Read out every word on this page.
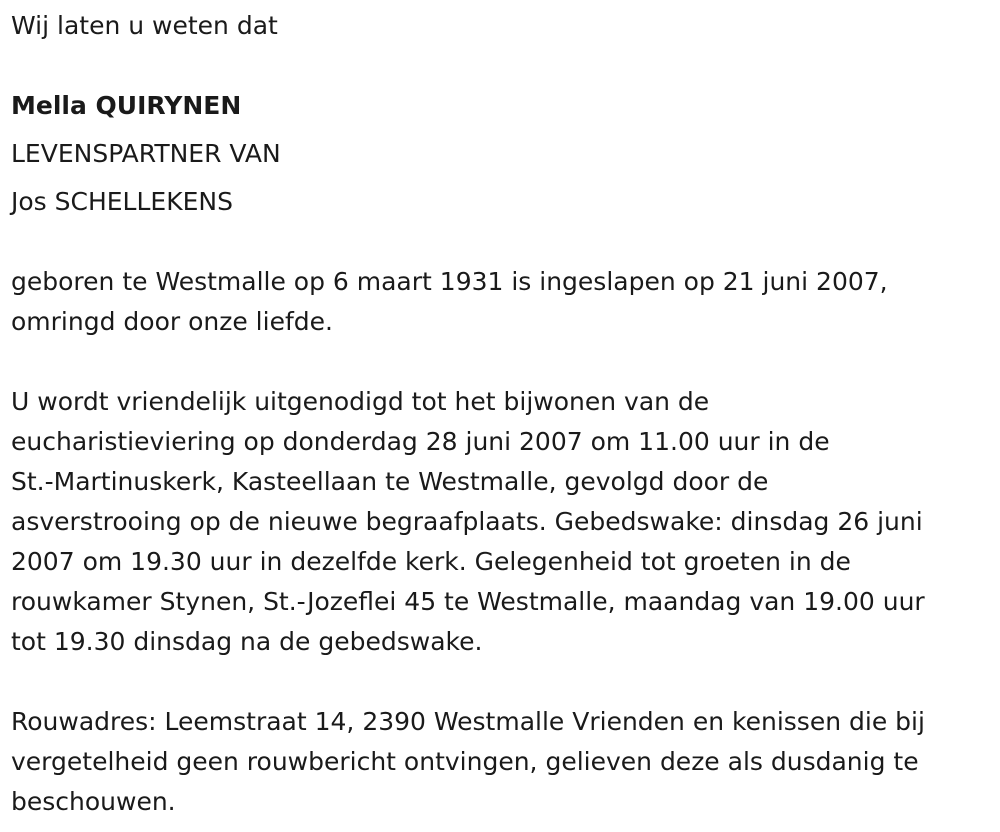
Wij laten u weten dat
Mella QUIRYNEN
LEVENSPARTNER VAN
Jos SCHELLEKENS
geboren te Westmalle op 6 maart 1931 is ingeslapen op 21 juni 2007,
omringd door onze liefde.
U wordt vriendelijk uitgenodigd tot het bijwonen van de
eucharistieviering op donderdag 28 juni 2007 om 11.00 uur in de
St.-Martinuskerk, Kasteellaan te Westmalle, gevolgd door de
asverstrooing op de nieuwe begraafplaats. Gebedswake: dinsdag 26 juni
2007 om 19.30 uur in dezelfde kerk. Gelegenheid tot groeten in de
rouwkamer Stynen, St.-Jozeflei 45 te Westmalle, maandag van 19.00 uur
tot 19.30 dinsdag na de gebedswake.
Rouwadres: Leemstraat 14, 2390 Westmalle Vrienden en kenissen die bij
vergetelheid geen rouwbericht ontvingen, gelieven deze als dusdanig te
beschouwen.
